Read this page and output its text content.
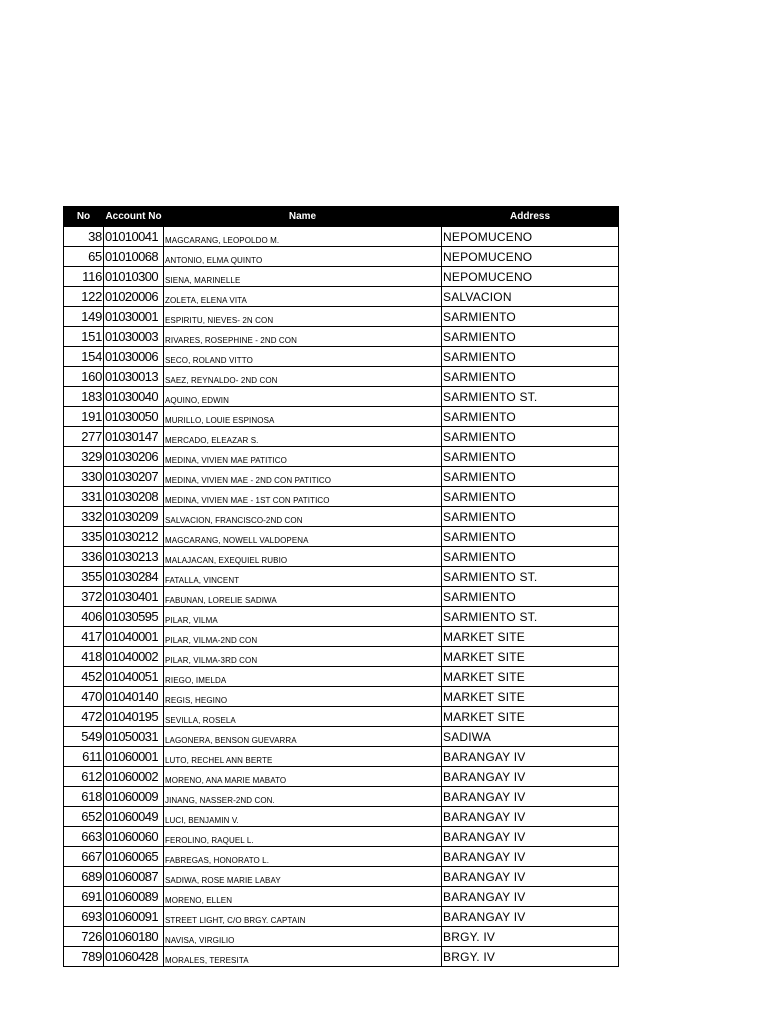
No	Account No	Name	Address
38	01010041	MAGCARANG, LEOPOLDO M.	NEPOMUCENO
65	01010068	ANTONIO, ELMA QUINTO	NEPOMUCENO
116	01010300	SIENA, MARINELLE	NEPOMUCENO
122	01020006	ZOLETA, ELENA VITA	SALVACION
149	01030001	ESPIRITU, NIEVES- 2N CON	SARMIENTO
151	01030003	RIVARES, ROSEPHINE - 2ND CON	SARMIENTO
154	01030006	SECO, ROLAND VITTO	SARMIENTO
160	01030013	SAEZ, REYNALDO- 2ND CON	SARMIENTO
183	01030040	AQUINO, EDWIN	SARMIENTO ST.
191	01030050	MURILLO, LOUIE ESPINOSA	SARMIENTO
277	01030147	MERCADO, ELEAZAR S.	SARMIENTO
329	01030206	MEDINA, VIVIEN MAE PATITICO	SARMIENTO
330	01030207	MEDINA, VIVIEN MAE - 2ND CON PATITICO	SARMIENTO
331	01030208	MEDINA, VIVIEN MAE - 1ST CON PATITICO	SARMIENTO
332	01030209	SALVACION, FRANCISCO-2ND CON	SARMIENTO
335	01030212	MAGCARANG, NOWELL VALDOPENA	SARMIENTO
336	01030213	MALAJACAN, EXEQUIEL RUBIO	SARMIENTO
355	01030284	FATALLA, VINCENT	SARMIENTO ST.
372	01030401	FABUNAN, LORELIE SADIWA	SARMIENTO
406	01030595	PILAR, VILMA	SARMIENTO ST.
417	01040001	PILAR, VILMA-2ND CON	MARKET SITE
418	01040002	PILAR, VILMA-3RD CON	MARKET SITE
452	01040051	RIEGO, IMELDA	MARKET SITE
470	01040140	REGIS, HEGINO	MARKET SITE
472	01040195	SEVILLA, ROSELA	MARKET SITE
549	01050031	LAGONERA, BENSON GUEVARRA	SADIWA
611	01060001	LUTO, RECHEL ANN BERTE	BARANGAY IV
612	01060002	MORENO, ANA MARIE MABATO	BARANGAY IV
618	01060009	JINANG, NASSER-2ND CON.	BARANGAY IV
652	01060049	LUCI, BENJAMIN V.	BARANGAY IV
663	01060060	FEROLINO, RAQUEL L.	BARANGAY IV
667	01060065	FABREGAS, HONORATO L.	BARANGAY IV
689	01060087	SADIWA, ROSE MARIE LABAY	BARANGAY IV
691	01060089	MORENO, ELLEN	BARANGAY IV
693	01060091	STREET LIGHT, C/O BRGY. CAPTAIN	BARANGAY IV
726	01060180	NAVISA, VIRGILIO	BRGY. IV
789	01060428	MORALES, TERESITA	BRGY. IV
